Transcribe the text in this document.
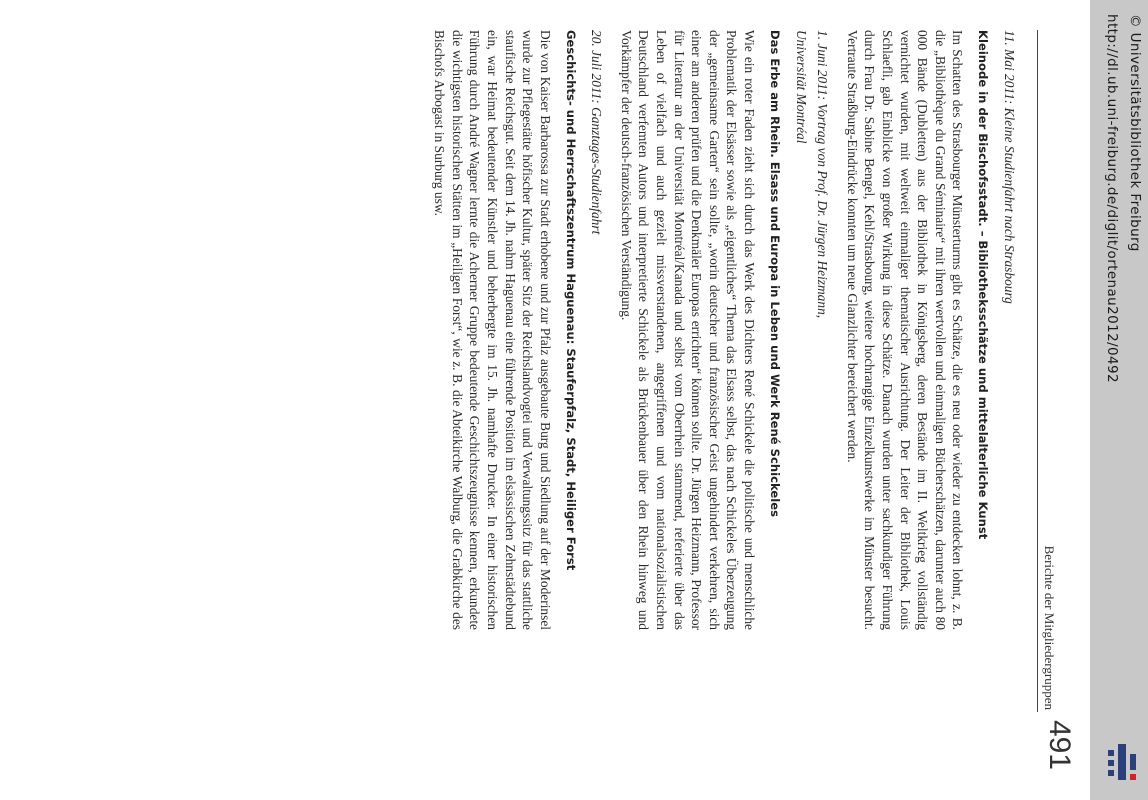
Berichte der Mitgliedergruppen
491
11. Mai 2011: Kleine Studienfahrt nach Strasbourg
Kleinode in der Bischofsstadt. – Bibliotheksschätze und mittelalterliche Kunst
Im Schatten des Strasbourger Münsterturms gibt es Schätze, die es neu oder wieder zu entdecken lohnt, z. B. die „Bibliothèque du Grand Séminaire“ mit ihren wertvollen und einmaligen Bücherschätzen, darunter auch 80 000 Bände (Dubletten) aus der Bibliothek in Königsberg, deren Bestände im II. Weltkrieg vollständig vernichtet wurden, mit weltweit einmaliger thematischer Ausrichtung. Der Leiter der Bibliothek, Louis Schlaefli, gab Einblicke von großer Wirkung in diese Schätze. Danach wurden unter sachkundiger Führung durch Frau Dr. Sabine Bengel, Kehl/Strasbourg, weitere hochrangige Einzelkunstwerke im Münster besucht. Vertraute Straßburg-Eindrücke konnten um neue Glanzlichter bereichert werden.
1. Juni 2011: Vortrag von Prof. Dr. Jürgen Heizmann,
Universität Montréal
Das Erbe am Rhein. Elsass und Europa in Leben und Werk René Schickeles
Wie ein roter Faden zieht sich durch das Werk des Dichters René Schickele die politische und menschliche Problematik der Elsässer sowie als „eigentliches“ Thema das Elsass selbst, das nach Schickeles Überzeugung der „gemeinsame Garten“ sein sollte, „worin deutscher und französischer Geist ungehindert verkehren, sich einer am anderen prüfen und die Denkmäler Europas errichten“ können sollte. Dr. Jürgen Heizmann, Professor für Literatur an der Universität Montréal/Kanada und selbst vom Oberrhein stammend, referierte über das Leben of vielfach und auch gezielt missverstandenen, angegriffenen und vom nationalsozialistischen Deutschland verfemten Autors und interpretierte Schickele als Brückenbauer über den Rhein hinweg und Vorkämpfer der deutsch-französischen Verständigung.
20. Juli 2011: Ganztages-Studienfahrt
Geschichts- und Herrschaftszentrum Haguenau: Stauferpfalz, Stadt, Heiliger Forst
Die von Kaiser Barbarossa zur Stadt erhobene und zur Pfalz ausgebaute Burg und Siedlung auf der Moderinsel wurde zur Pflegestätte höfischer Kultur, später Sitz der Reichslandvogtei und Verwaltungssitz für das stattliche staufische Reichsgut. Seit dem 14. Jh. nahm Haguenau eine führende Position im elsässischen Zehnstädtebund ein, war Heimat bedeutender Künstler und beherbergte im 15. Jh. namhafte Drucker. In einer historischen Führung durch André Wagner lernte die Acherner Gruppe bedeutende Geschichtszeugnisse kennen, erkundete die wichtigsten historischen Stätten im „Heiligen Forst“, wie z. B. die Abteikirche Walburg, die Grabkirche des Bischofs Arbogast in Surburg usw.	http://dl.ub.uni-freiburg.de/diglit/ortenau2012/0492 © Universitätsbibliothek Freiburg
